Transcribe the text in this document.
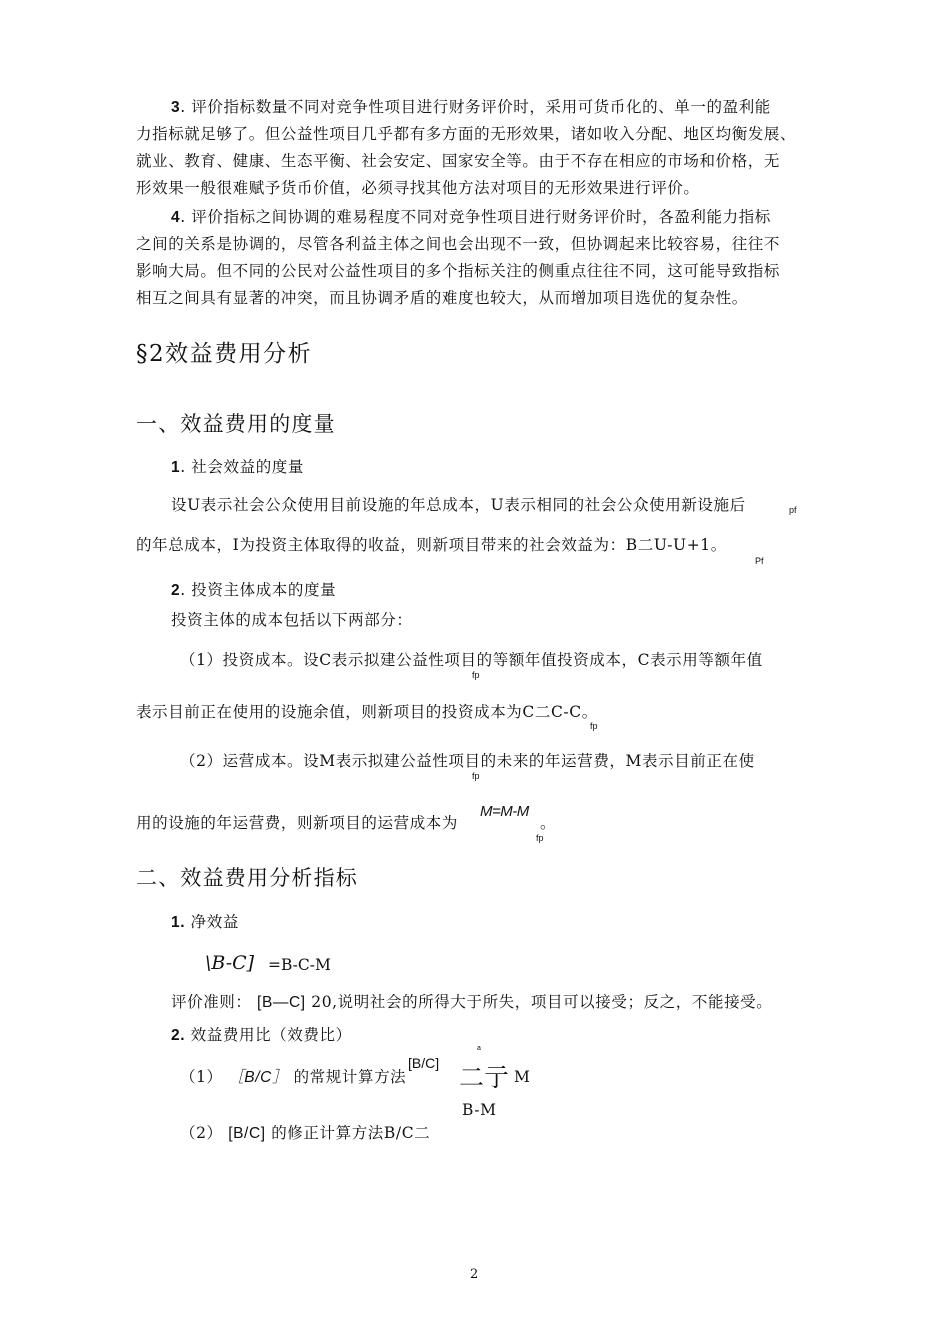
3. 评价指标数量不同对竞争性项目进行财务评价时，采用可货币化的、单一的盈利能
力指标就足够了。但公益性项目几乎都有多方面的无形效果，诸如收入分配、地区均衡发展、
就业、教育、健康、生态平衡、社会安定、国家安全等。由于不存在相应的市场和价格，无
形效果一般很难赋予货币价值，必须寻找其他方法对项目的无形效果进行评价。
4. 评价指标之间协调的难易程度不同对竞争性项目进行财务评价时，各盈利能力指标
之间的关系是协调的，尽管各利益主体之间也会出现不一致，但协调起来比较容易，往往不
影响大局。但不同的公民对公益性项目的多个指标关注的侧重点往往不同，这可能导致指标
相互之间具有显著的冲突，而且协调矛盾的难度也较大，从而增加项目选优的复杂性。
§2效益费用分析
一、效益费用的度量
1. 社会效益的度量
设U表示社会公众使用目前设施的年总成本，U表示相同的社会公众使用新设施后	pf
的年总成本，I为投资主体取得的收益，则新项目带来的社会效益为：B二U-U+1。
Pf
2. 投资主体成本的度量
投资主体的成本包括以下两部分：
（1）投资成本。设C表示拟建公益性项目的等额年值投资成本，C表示用等额年值
fp
表示目前正在使用的设施余值，则新项目的投资成本为C二C-C。
fp
（2）运营成本。设M表示拟建公益性项目的未来的年运营费，M表示目前正在使
fp
用的设施的年运营费，则新项目的运营成本为
M=M-M
。
fp
二、效益费用分析指标
1. 净效益
\B-C] =B-C-M
评价准则： [B—C] 20,说明社会的所得大于所失，项目可以接受；反之，不能接受。
2. 效益费用比（效费比）
（1） ［B/C］ 的常规计算方法
[B/C]
a
二亍 M
B-M
（2） [B/C] 的修正计算方法B/C二
2
